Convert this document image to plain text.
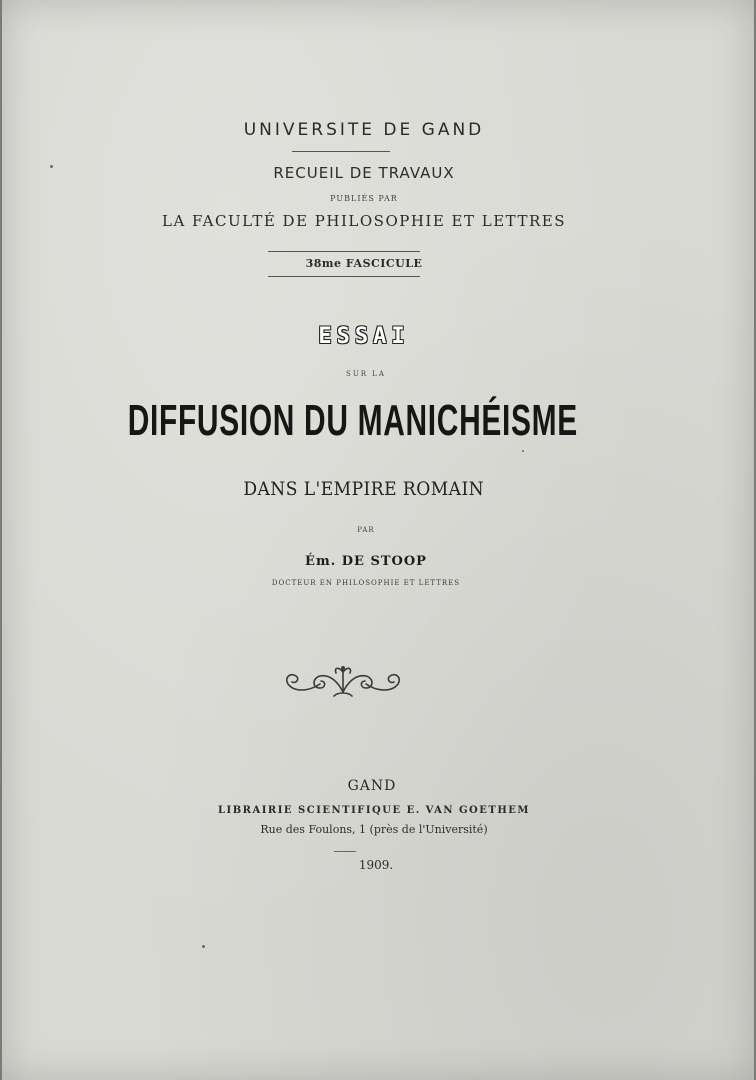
UNIVERSITE DE GAND
RECUEIL DE TRAVAUX
PUBLIÉS PAR
LA FACULTÉ DE PHILOSOPHIE ET LETTRES
38me FASCICULE
ESSAI
SUR LA
DIFFUSION DU MANICHÉISME
DANS L'EMPIRE ROMAIN
PAR
Ém. DE STOOP
DOCTEUR EN PHILOSOPHIE ET LETTRES
GAND
LIBRAIRIE SCIENTIFIQUE E. VAN GOETHEM
Rue des Foulons, 1 (près de l'Université)
1909.
